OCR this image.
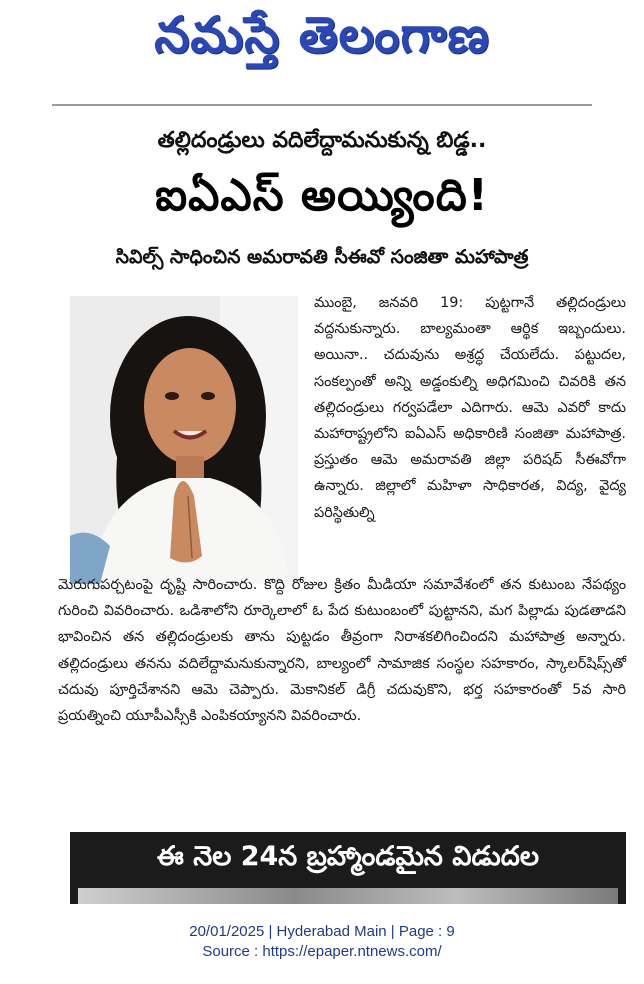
నమస్తే తెలంగాణ
తల్లిదండ్రులు వదిలేద్దామనుకున్న బిడ్డ..
ఐఏఎస్ అయ్యింది!
సివిల్స్ సాధించిన అమరావతి సీఈవో సంజితా మహాపాత్ర
ముంబై, జనవరి 19: పుట్టగానే తల్లిదండ్రులు వద్దనుకున్నారు. బాల్యమంతా ఆర్థిక ఇబ్బందులు. అయినా.. చదువును అశ్రద్ధ చేయలేదు. పట్టుదల, సంకల్పంతో అన్ని అడ్డంకుల్ని అధిగమించి చివరికి తన తల్లిదండ్రులు గర్వపడేలా ఎదిగారు. ఆమె ఎవరో కాదు మహారాష్ట్రలోని ఐఏఎస్ అధికారిణి సంజితా మహాపాత్ర. ప్రస్తుతం ఆమె అమరావతి జిల్లా పరిషద్ సీఈవోగా ఉన్నారు. జిల్లాలో మహిళా సాధికారత, విద్య, వైద్య పరిస్థితుల్ని
మెరుగుపర్చటంపై దృష్టి సారించారు. కొద్ది రోజుల క్రితం మీడియా సమావేశంలో తన కుటుంబ నేపథ్యం గురించి వివరించారు. ఒడిశాలోని రూర్కెలాలో ఓ పేద కుటుంబంలో పుట్టానని, మగ పిల్లాడు పుడతాడని భావించిన తన తల్లిదండ్రులకు తాను పుట్టడం తీవ్రంగా నిరాశకలిగించిందని మహాపాత్ర అన్నారు. తల్లిదండ్రులు తనను వదిలేద్దామనుకున్నారని, బాల్యంలో సామాజిక సంస్థల సహకారం, స్కాలర్‌షిప్స్‌తో చదువు పూర్తిచేశానని ఆమె చెప్పారు. మెకానికల్ డిగ్రీ చదువుకొని, భర్త సహకారంతో 5వ సారి ప్రయత్నించి యూపీఎస్సీకి ఎంపికయ్యానని వివరించారు.
ఈ నెల 24న బ్రహ్మాండమైన విడుదల
20/01/2025 | Hyderabad Main | Page : 9
Source : https://epaper.ntnews.com/
